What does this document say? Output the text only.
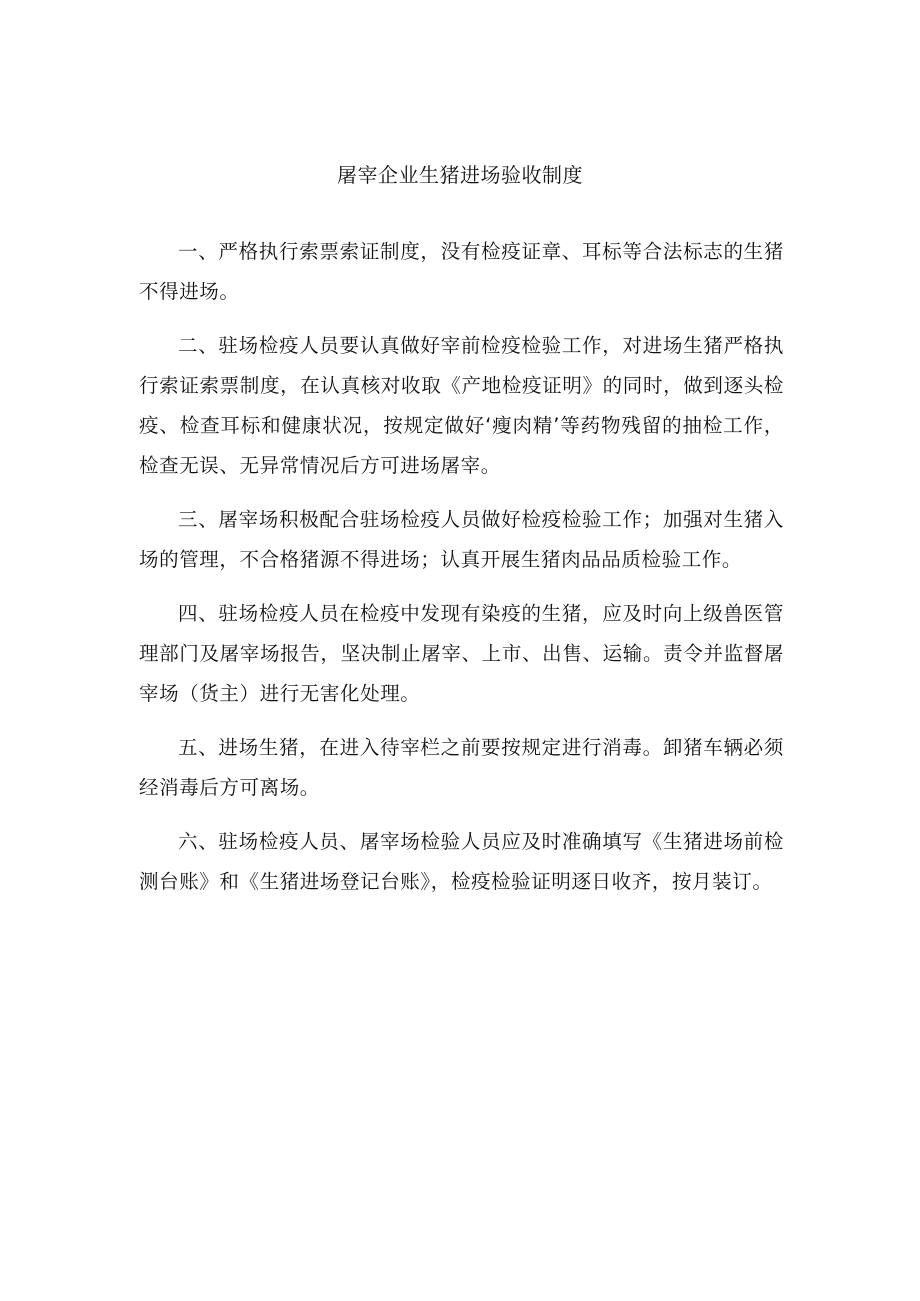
屠宰企业生猪进场验收制度

一、严格执行索票索证制度，没有检疫证章、耳标等合法标志的生猪不得进场。

二、驻场检疫人员要认真做好宰前检疫检验工作，对进场生猪严格执行索证索票制度，在认真核对收取《产地检疫证明》的同时，做到逐头检疫、检查耳标和健康状况，按规定做好‘瘦肉精’等药物残留的抽检工作，检查无误、无异常情况后方可进场屠宰。

三、屠宰场积极配合驻场检疫人员做好检疫检验工作；加强对生猪入场的管理，不合格猪源不得进场；认真开展生猪肉品品质检验工作。

四、驻场检疫人员在检疫中发现有染疫的生猪，应及时向上级兽医管理部门及屠宰场报告，坚决制止屠宰、上市、出售、运输。责令并监督屠宰场（货主）进行无害化处理。

五、进场生猪，在进入待宰栏之前要按规定进行消毒。卸猪车辆必须经消毒后方可离场。

六、驻场检疫人员、屠宰场检验人员应及时准确填写《生猪进场前检测台账》和《生猪进场登记台账》，检疫检验证明逐日收齐，按月装订。
